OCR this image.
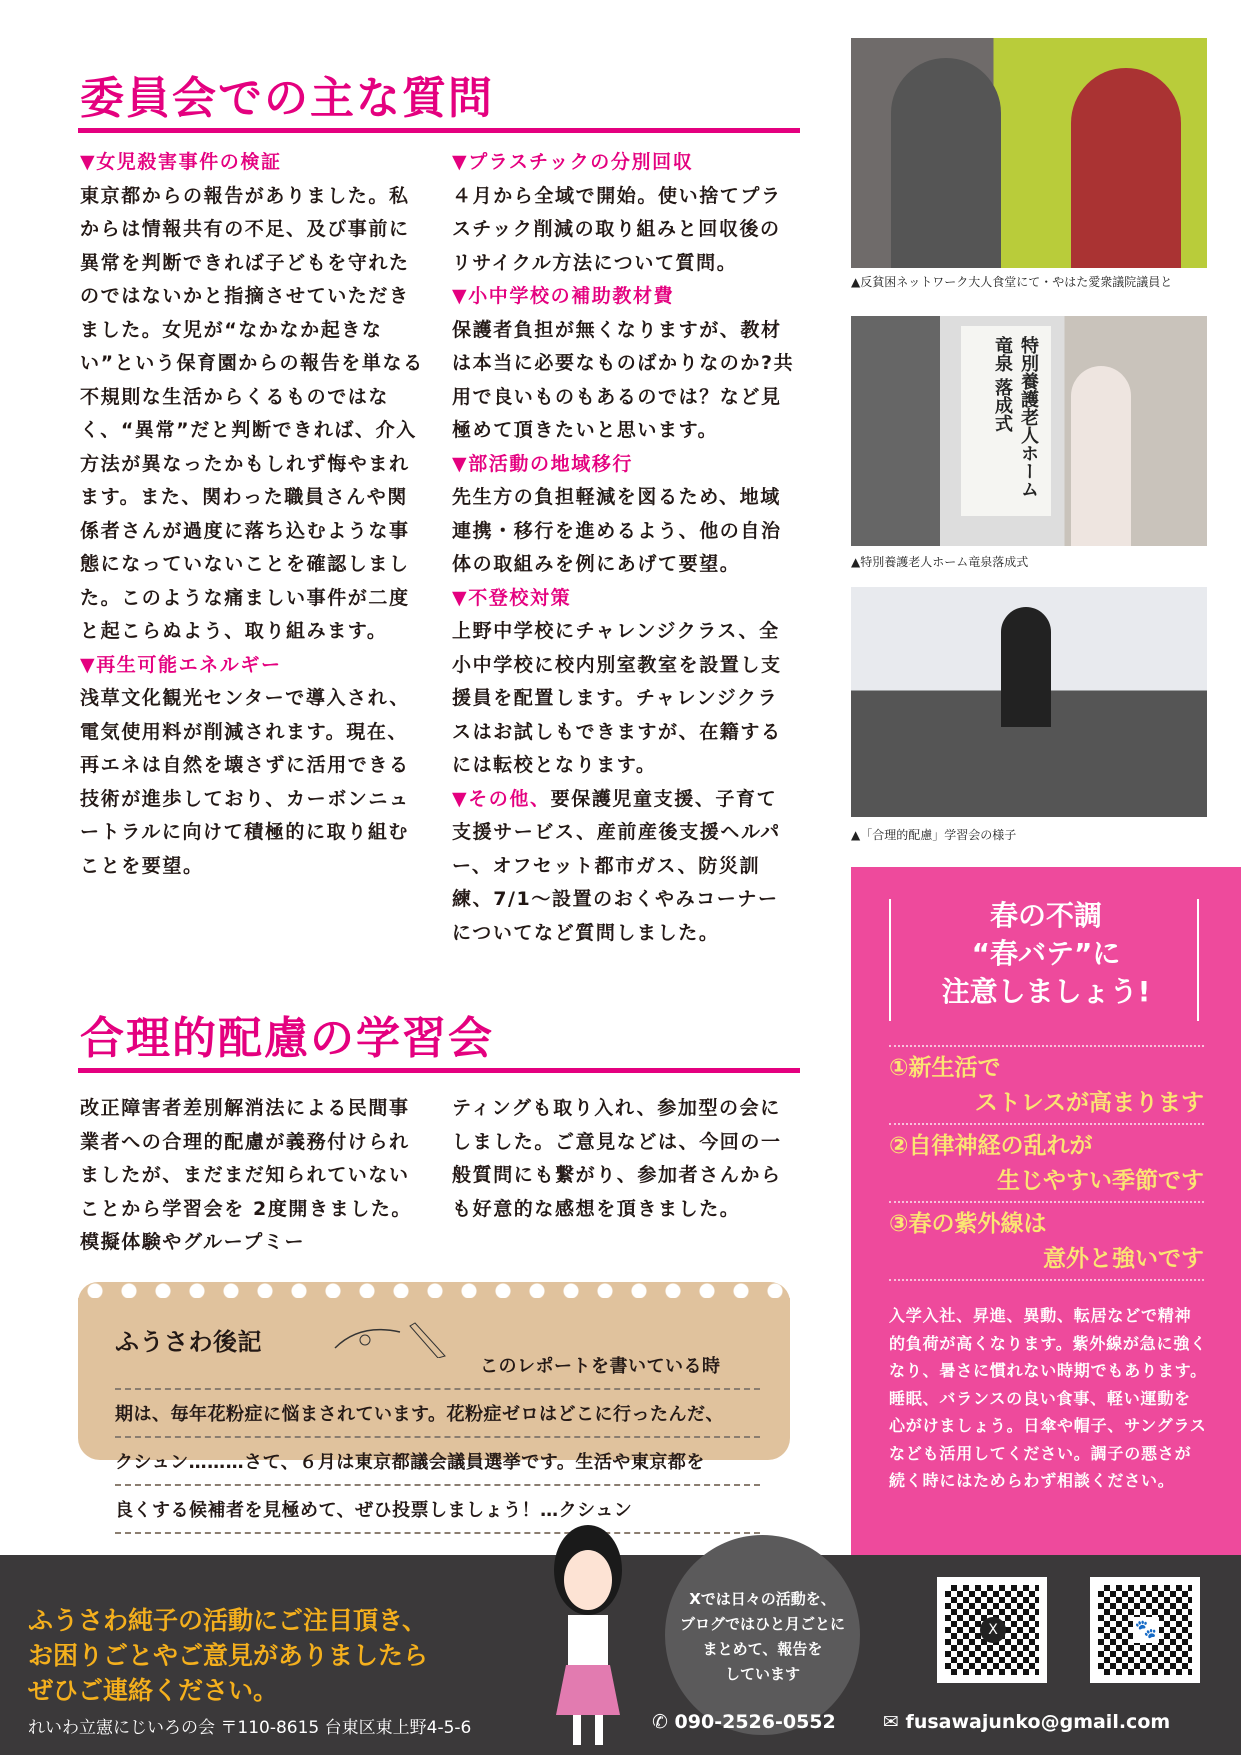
委員会での主な質問

▼女児殺害事件の検証

東京都からの報告がありました。私からは情報共有の不足、及び事前に異常を判断できれば子どもを守れたのではないかと指摘させていただきました。女児が“なかなか起きない”という保育園からの報告を単なる不規則な生活からくるものではなく、“異常”だと判断できれば、介入方法が異なったかもしれず悔やまれます。また、関わった職員さんや関係者さんが過度に落ち込むような事態になっていないことを確認しました。このような痛ましい事件が二度と起こらぬよう、取り組みます。

▼再生可能エネルギー

浅草文化観光センターで導入され、電気使用料が削減されます。現在、再エネは自然を壊さずに活用できる技術が進歩しており、カーボンニュートラルに向けて積極的に取り組むことを要望。

▼プラスチックの分別回収

４月から全域で開始。使い捨てプラスチック削減の取り組みと回収後のリサイクル方法について質問。

▼小中学校の補助教材費

保護者負担が無くなりますが、教材は本当に必要なものばかりなのか?共用で良いものもあるのでは？など見極めて頂きたいと思います。

▼部活動の地域移行

先生方の負担軽減を図るため、地域連携・移行を進めるよう、他の自治体の取組みを例にあげて要望。

▼不登校対策

上野中学校にチャレンジクラス、全小中学校に校内別室教室を設置し支援員を配置します。チャレンジクラスはお試しもできますが、在籍するには転校となります。

▼その他、要保護児童支援、子育て支援サービス、産前産後支援ヘルパー、オフセット都市ガス、防災訓練、7/1～設置のおくやみコーナーについてなど質問しました。

合理的配慮の学習会
改正障害者差別解消法による民間事業者への合理的配慮が義務付けられましたが、まだまだ知られていないことから学習会を 2度開きました。模擬体験やグループミー
ティングも取り入れ、参加型の会にしました。ご意見などは、今回の一般質問にも繋がり、参加者さんからも好意的な感想を頂きました。
ふうさわ後記
このレポートを書いている時
期は、毎年花粉症に悩まされています。花粉症ゼロはどこに行ったんだ、
クシュン………さて、６月は東京都議会議員選挙です。生活や東京都を
良くする候補者を見極めて、ぜひ投票しましょう！…クシュン
▲反貧困ネットワーク大人食堂にて・やはた愛衆議院議員と
特別養護老人ホーム竜泉 落成式
▲特別養護老人ホーム竜泉落成式
▲「合理的配慮」学習会の様子
春の不調
“春バテ”に
注意しましょう!
①新生活で
ストレスが高まります
②自律神経の乱れが
生じやすい季節です
③春の紫外線は
意外と強いです
入学入社、昇進、異動、転居などで精神的負荷が高くなります。紫外線が急に強くなり、暑さに慣れない時期でもあります。睡眠、バランスの良い食事、軽い運動を心がけましょう。日傘や帽子、サングラスなども活用してください。調子の悪さが続く時にはためらわず相談ください。
ふうさわ純子の活動にご注目頂き、
お困りごとやご意見がありましたら
ぜひご連絡ください。
れいわ立憲にじいろの会 〒110-8615 台東区東上野4-5-6
Xでは日々の活動を、
ブログではひと月ごとに
まとめて、報告を
しています
✆ 090-2526-0552 ✉ fusawajunko@gmail.com
X	🐾
